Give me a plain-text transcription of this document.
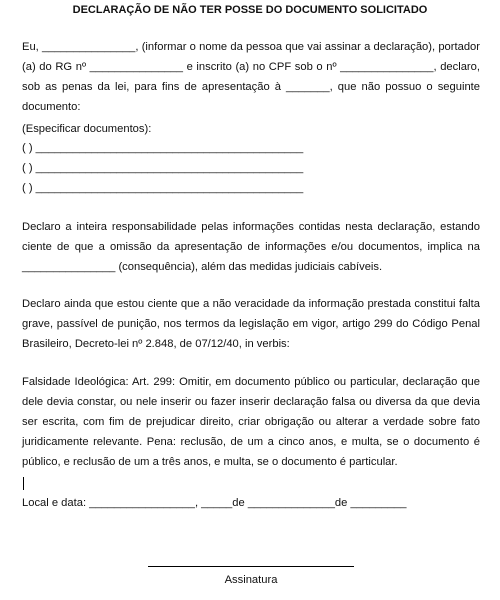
DECLARAÇÃO DE NÃO TER POSSE DO DOCUMENTO SOLICITADO

Eu, _______________, (informar o nome da pessoa que vai assinar a declaração), portador (a) do RG nº _______________ e inscrito (a) no CPF sob o nº _______________, declaro, sob as penas da lei, para fins de apresentação à _______, que não possuo o seguinte documento:

(Especificar documentos):

( ) ___________________________________________

( ) ___________________________________________

( ) ___________________________________________

Declaro a inteira responsabilidade pelas informações contidas nesta declaração, estando ciente de que a omissão da apresentação de informações e/ou documentos, implica na _______________ (consequência), além das medidas judiciais cabíveis.

Declaro ainda que estou ciente que a não veracidade da informação prestada constitui falta grave, passível de punição, nos termos da legislação em vigor, artigo 299 do Código Penal Brasileiro, Decreto-lei nº 2.848, de 07/12/40, in verbis:

Falsidade Ideológica: Art. 299: Omitir, em documento público ou particular, declaração que dele devia constar, ou nele inserir ou fazer inserir declaração falsa ou diversa da que devia ser escrita, com fim de prejudicar direito, criar obrigação ou alterar a verdade sobre fato juridicamente relevante. Pena: reclusão, de um a cinco anos, e multa, se o documento é público, e reclusão de um a três anos, e multa, se o documento é particular.

Local e data: _________________, _____de ______________de _________

Assinatura
